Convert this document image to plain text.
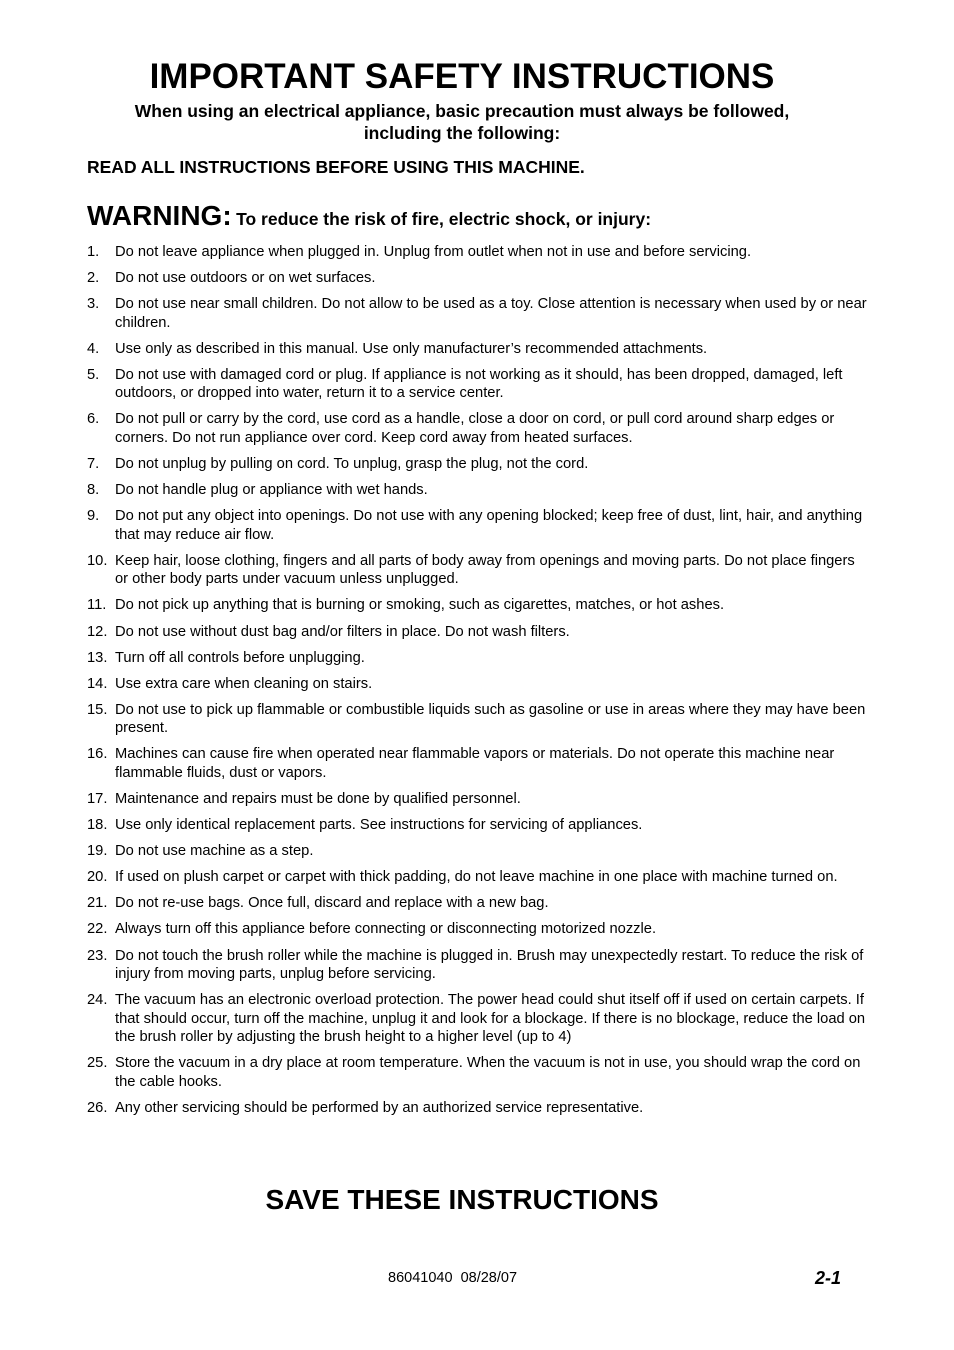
IMPORTANT SAFETY INSTRUCTIONS
When using an electrical appliance, basic precaution must always be followed,
including the following:

READ ALL INSTRUCTIONS BEFORE USING THIS MACHINE.

WARNING: To reduce the risk of fire, electric shock, or injury:

1. Do not leave appliance when plugged in. Unplug from outlet when not in use and before servicing.
2. Do not use outdoors or on wet surfaces.
3. Do not use near small children. Do not allow to be used as a toy. Close attention is necessary when used by or near children.
4. Use only as described in this manual. Use only manufacturer’s recommended attachments.
5. Do not use with damaged cord or plug. If appliance is not working as it should, has been dropped, damaged, left outdoors, or dropped into water, return it to a service center.
6. Do not pull or carry by the cord, use cord as a handle, close a door on cord, or pull cord around sharp edges or corners. Do not run appliance over cord. Keep cord away from heated surfaces.
7. Do not unplug by pulling on cord. To unplug, grasp the plug, not the cord.
8. Do not handle plug or appliance with wet hands.
9. Do not put any object into openings. Do not use with any opening blocked; keep free of dust, lint, hair, and anything that may reduce air flow.
10. Keep hair, loose clothing, fingers and all parts of body away from openings and moving parts. Do not place fingers or other body parts under vacuum unless unplugged.
11. Do not pick up anything that is burning or smoking, such as cigarettes, matches, or hot ashes.
12. Do not use without dust bag and/or filters in place. Do not wash filters.
13. Turn off all controls before unplugging.
14. Use extra care when cleaning on stairs.
15. Do not use to pick up flammable or combustible liquids such as gasoline or use in areas where they may have been present.
16. Machines can cause fire when operated near flammable vapors or materials. Do not operate this machine near flammable fluids, dust or vapors.
17. Maintenance and repairs must be done by qualified personnel.
18. Use only identical replacement parts. See instructions for servicing of appliances.
19. Do not use machine as a step.
20. If used on plush carpet or carpet with thick padding, do not leave machine in one place with machine turned on.
21. Do not re-use bags. Once full, discard and replace with a new bag.
22. Always turn off this appliance before connecting or disconnecting motorized nozzle.
23. Do not touch the brush roller while the machine is plugged in. Brush may unexpectedly restart. To reduce the risk of injury from moving parts, unplug before servicing.
24. The vacuum has an electronic overload protection. The power head could shut itself off if used on certain carpets. If that should occur, turn off the machine, unplug it and look for a blockage. If there is no blockage, reduce the load on the brush roller by adjusting the brush height to a higher level (up to 4)
25. Store the vacuum in a dry place at room temperature. When the vacuum is not in use, you should wrap the cord on the cable hooks.
26. Any other servicing should be performed by an authorized service representative.
SAVE THESE INSTRUCTIONS
86041040  08/28/07	2-1
